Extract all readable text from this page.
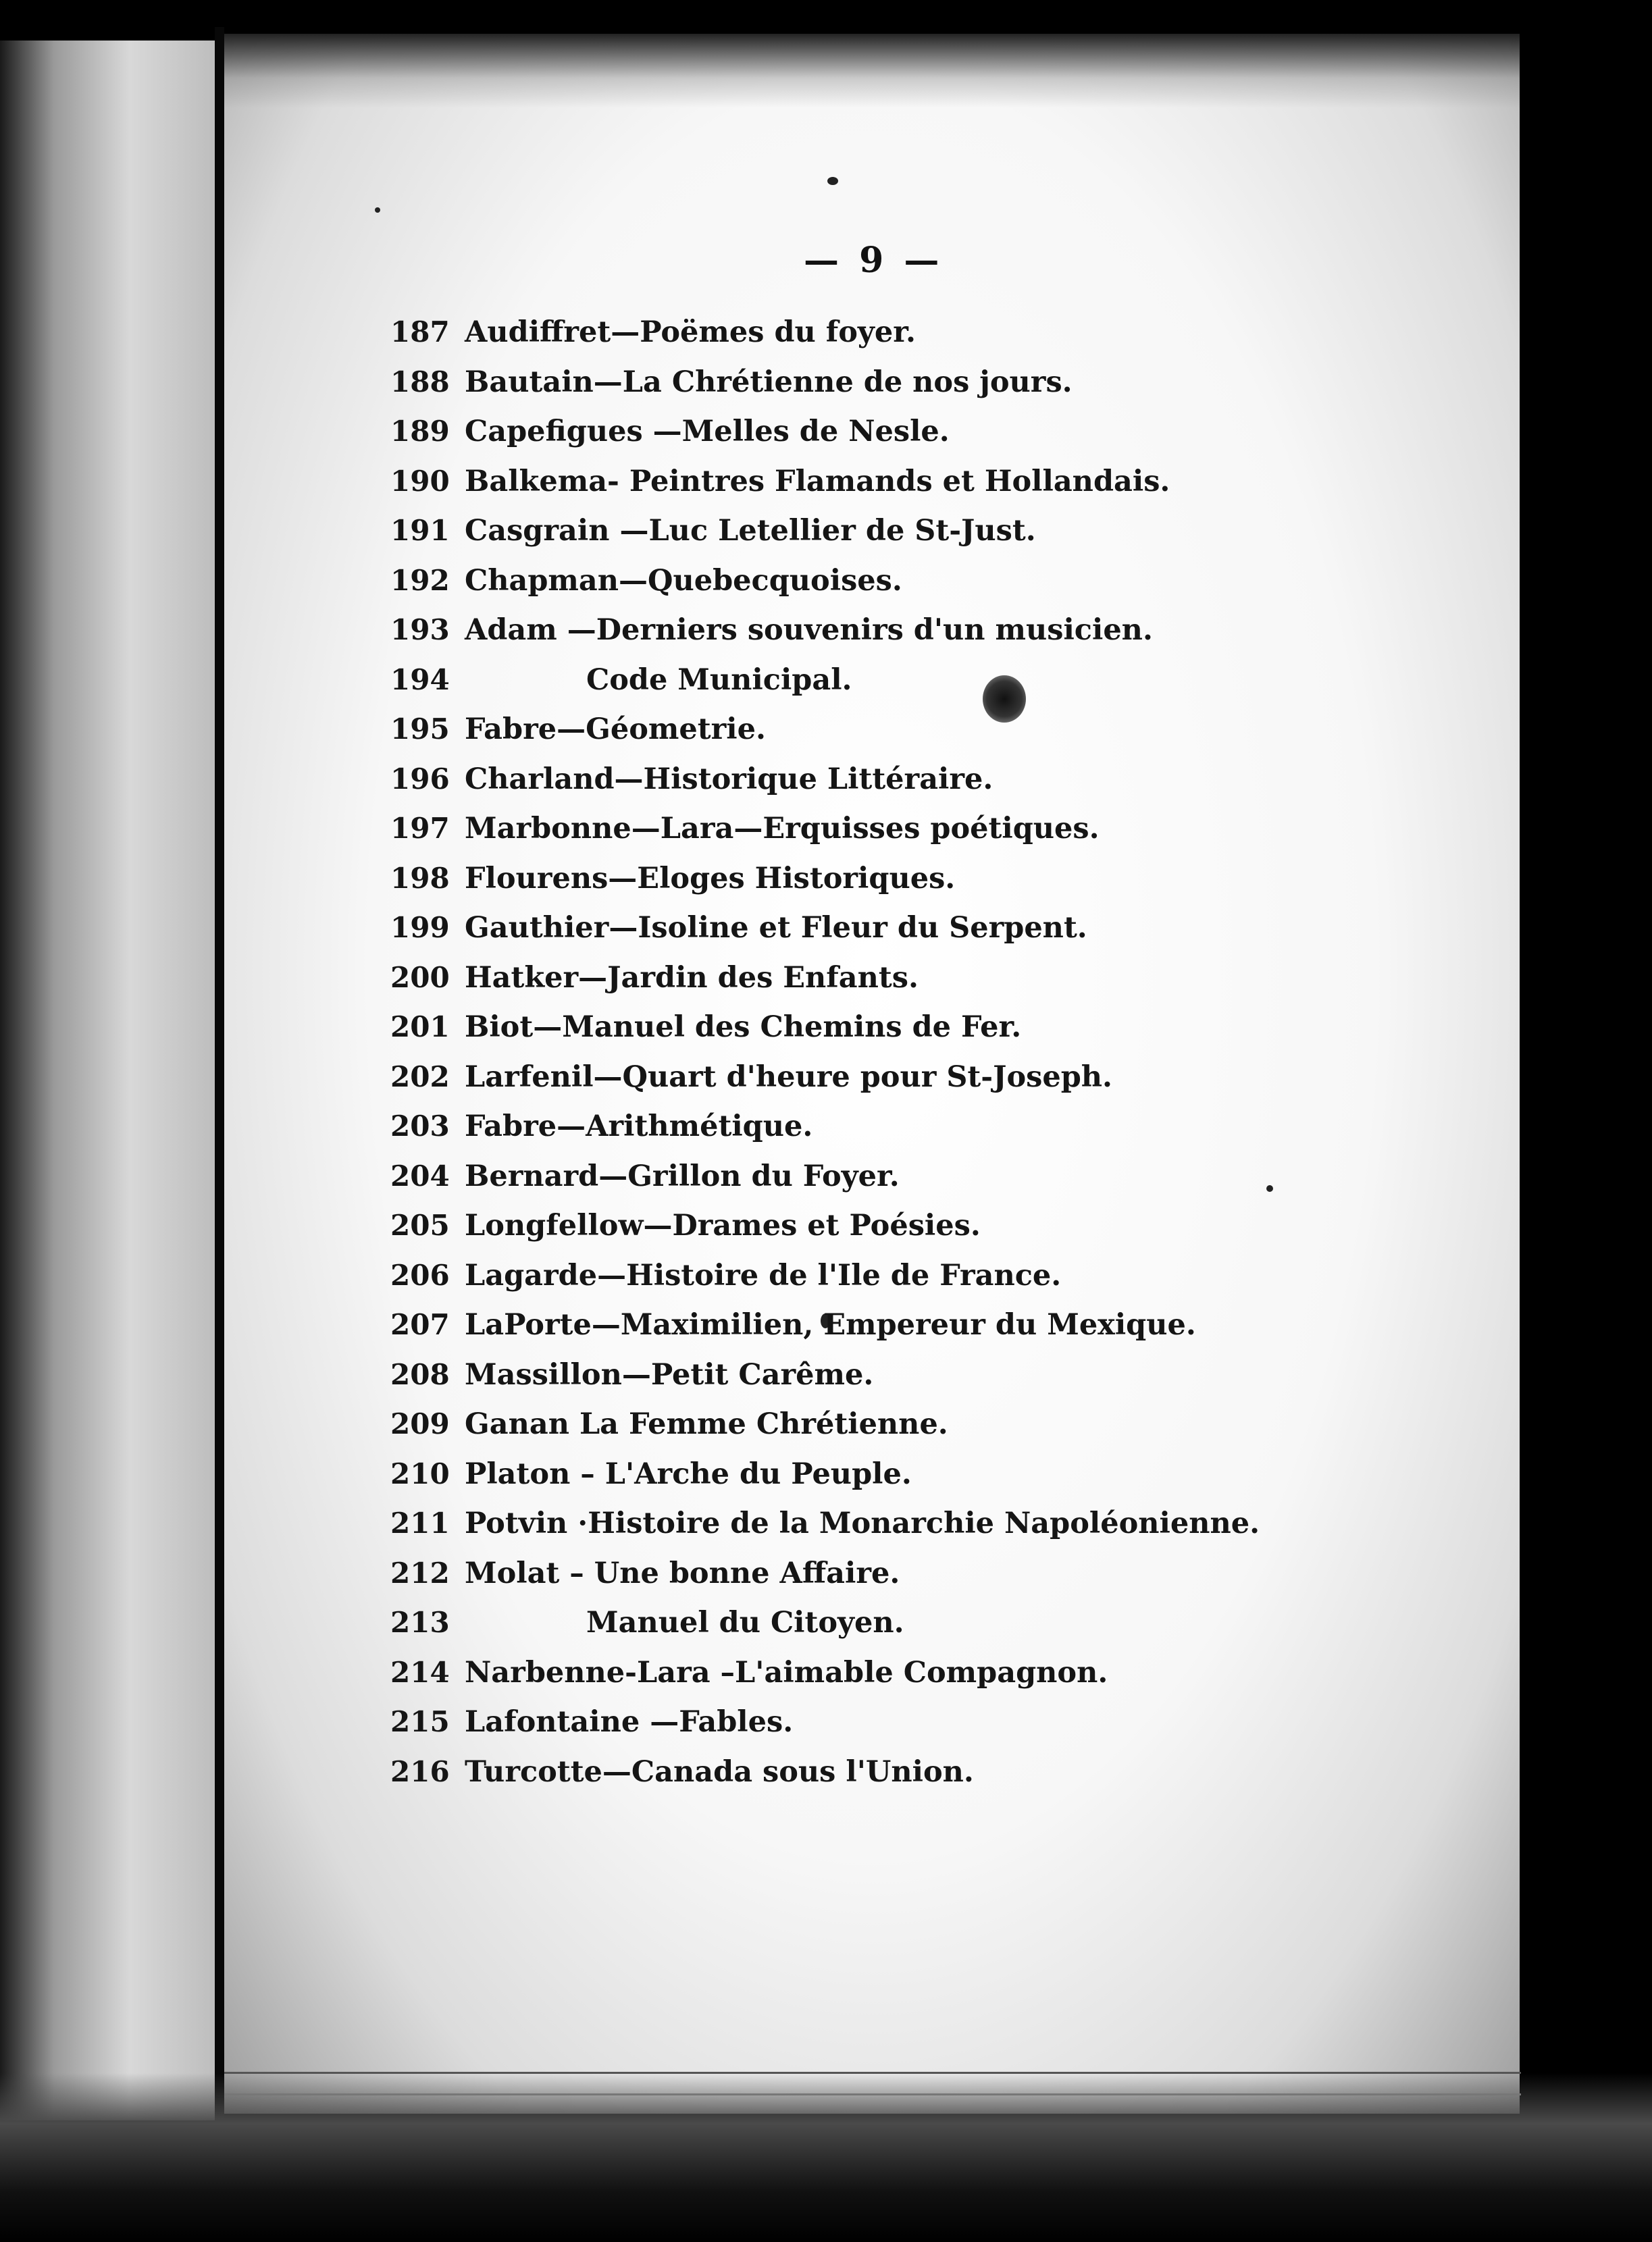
— 9 —
187 Audiffret—Poëmes du foyer.
188 Bautain—La Chrétienne de nos jours.
189 Capefigues —Melles de Nesle.
190 Balkema- Peintres Flamands et Hollandais.
191 Casgrain —Luc Letellier de St-Just.
192 Chapman—Quebecquoises.
193 Adam —Derniers souvenirs d'un musicien.
194	Code Municipal.
195 Fabre—Géometrie.
196 Charland—Historique Littéraire.
197 Marbonne—Lara—Erquisses poétiques.
198 Flourens—Eloges Historiques.
199 Gauthier—Isoline et Fleur du Serpent.
200 Hatker—Jardin des Enfants.
201 Biot—Manuel des Chemins de Fer.
202 Larfenil—Quart d'heure pour St-Joseph.
203 Fabre—Arithmétique.
204 Bernard—Grillon du Foyer.
205 Longfellow—Drames et Poésies.
206 Lagarde—Histoire de l'Ile de France.
207 LaPorte—Maximilien, Empereur du Mexique.
208 Massillon—Petit Carême.
209 Ganan La Femme Chrétienne.
210 Platon – L'Arche du Peuple.
211 Potvin ·Histoire de la Monarchie Napoléonienne.
212 Molat – Une bonne Affaire.
213	Manuel du Citoyen.
214 Narbenne-Lara –L'aimable Compagnon.
215 Lafontaine —Fables.
216 Turcotte—Canada sous l'Union.
